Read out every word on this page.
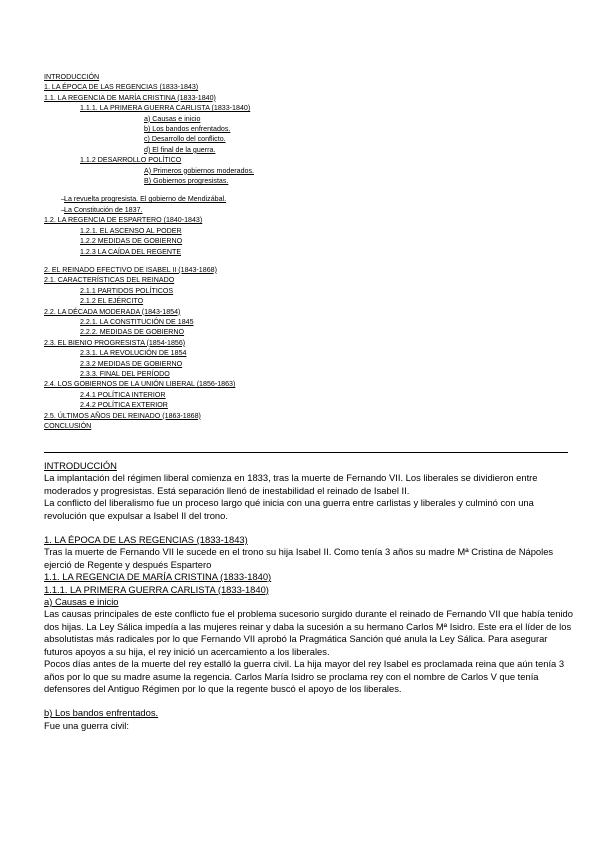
INTRODUCCIÓN
1. LA ÉPOCA DE LAS REGENCIAS (1833-1843)
1.1. LA REGENCIA DE MARÍA CRISTINA (1833-1840)
1.1.1. LA PRIMERA GUERRA CARLISTA (1833-1840)
a) Causas e inicio
b) Los bandos enfrentados.
c) Desarrollo del conflicto.
d) El final de la guerra.
1.1.2 DESARROLLO POLÍTICO
A) Primeros gobiernos moderados.
B) Gobiernos progresistas.
– La revuelta progresista. El gobierno de Mendizábal.
– La Constitución de 1837.
1.2. LA REGENCIA DE ESPARTERO (1840-1843)
1.2.1. EL ASCENSO AL PODER
1.2.2 MEDIDAS DE GOBIERNO
1.2.3 LA CAÍDA DEL REGENTE
2. EL REINADO EFECTIVO DE ISABEL II (1843-1868)
2.1. CARACTERÍSTICAS DEL REINADO
2.1.1 PARTIDOS POLÍTICOS
2.1.2 EL EJÉRCITO
2.2. LA DÉCADA MODERADA (1843-1854)
2.2.1. LA CONSTITUCIÓN DE 1845
2.2.2. MEDIDAS DE GOBIERNO
2.3. EL BIENIO PROGRESISTA (1854-1856)
2.3.1. LA REVOLUCIÓN DE 1854
2.3.2 MEDIDAS DE GOBIERNO
2.3.3. FINAL DEL PERÍODO
2.4. LOS GOBIERNOS DE LA UNIÓN LIBERAL (1856-1863)
2.4.1 POLÍTICA INTERIOR
2.4.2 POLÍTICA EXTERIOR
2.5. ÚLTIMOS AÑOS DEL REINADO (1863-1868)
CONCLUSIÓN

INTRODUCCIÓN

La implantación del régimen liberal comienza en 1833, tras la muerte de Fernando VII. Los liberales se dividieron entre moderados y progresistas. Está separación llenó de inestabilidad el reinado de Isabel II.

La conflicto del liberalismo fue un proceso largo qué inicia con una guerra entre carlistas y liberales y culminó con una revolución que expulsar a Isabel II del trono.

1. LA ÉPOCA DE LAS REGENCIAS (1833-1843)

Tras la muerte de Fernando VII le sucede en el trono su hija Isabel II. Como tenía 3 años su madre Mª Cristina de Nápoles ejerció de Regente y después Espartero

1.1. LA REGENCIA DE MARÍA CRISTINA (1833-1840)

1.1.1. LA PRIMERA GUERRA CARLISTA (1833-1840)

a) Causas e inicio

Las causas principales de este conflicto fue el problema sucesorio surgido durante el reinado de Fernando VII que había tenido dos hijas. La Ley Sálica impedía a las mujeres reinar y daba la sucesión a su hermano Carlos Mª Isidro. Este era el líder de los absolutistas más radicales por lo que Fernando VII aprobó la Pragmática Sanción qué anula la Ley Sálica. Para asegurar futuros apoyos a su hija, el rey inició un acercamiento a los liberales.

Pocos días antes de la muerte del rey estalló la guerra civil. La hija mayor del rey Isabel es proclamada reina que aún tenía 3 años por lo que su madre asume la regencia. Carlos María Isidro se proclama rey con el nombre de Carlos V que tenía defensores del Antiguo Régimen por lo que la regente buscó el apoyo de los liberales.

b) Los bandos enfrentados.

Fue una guerra civil:
